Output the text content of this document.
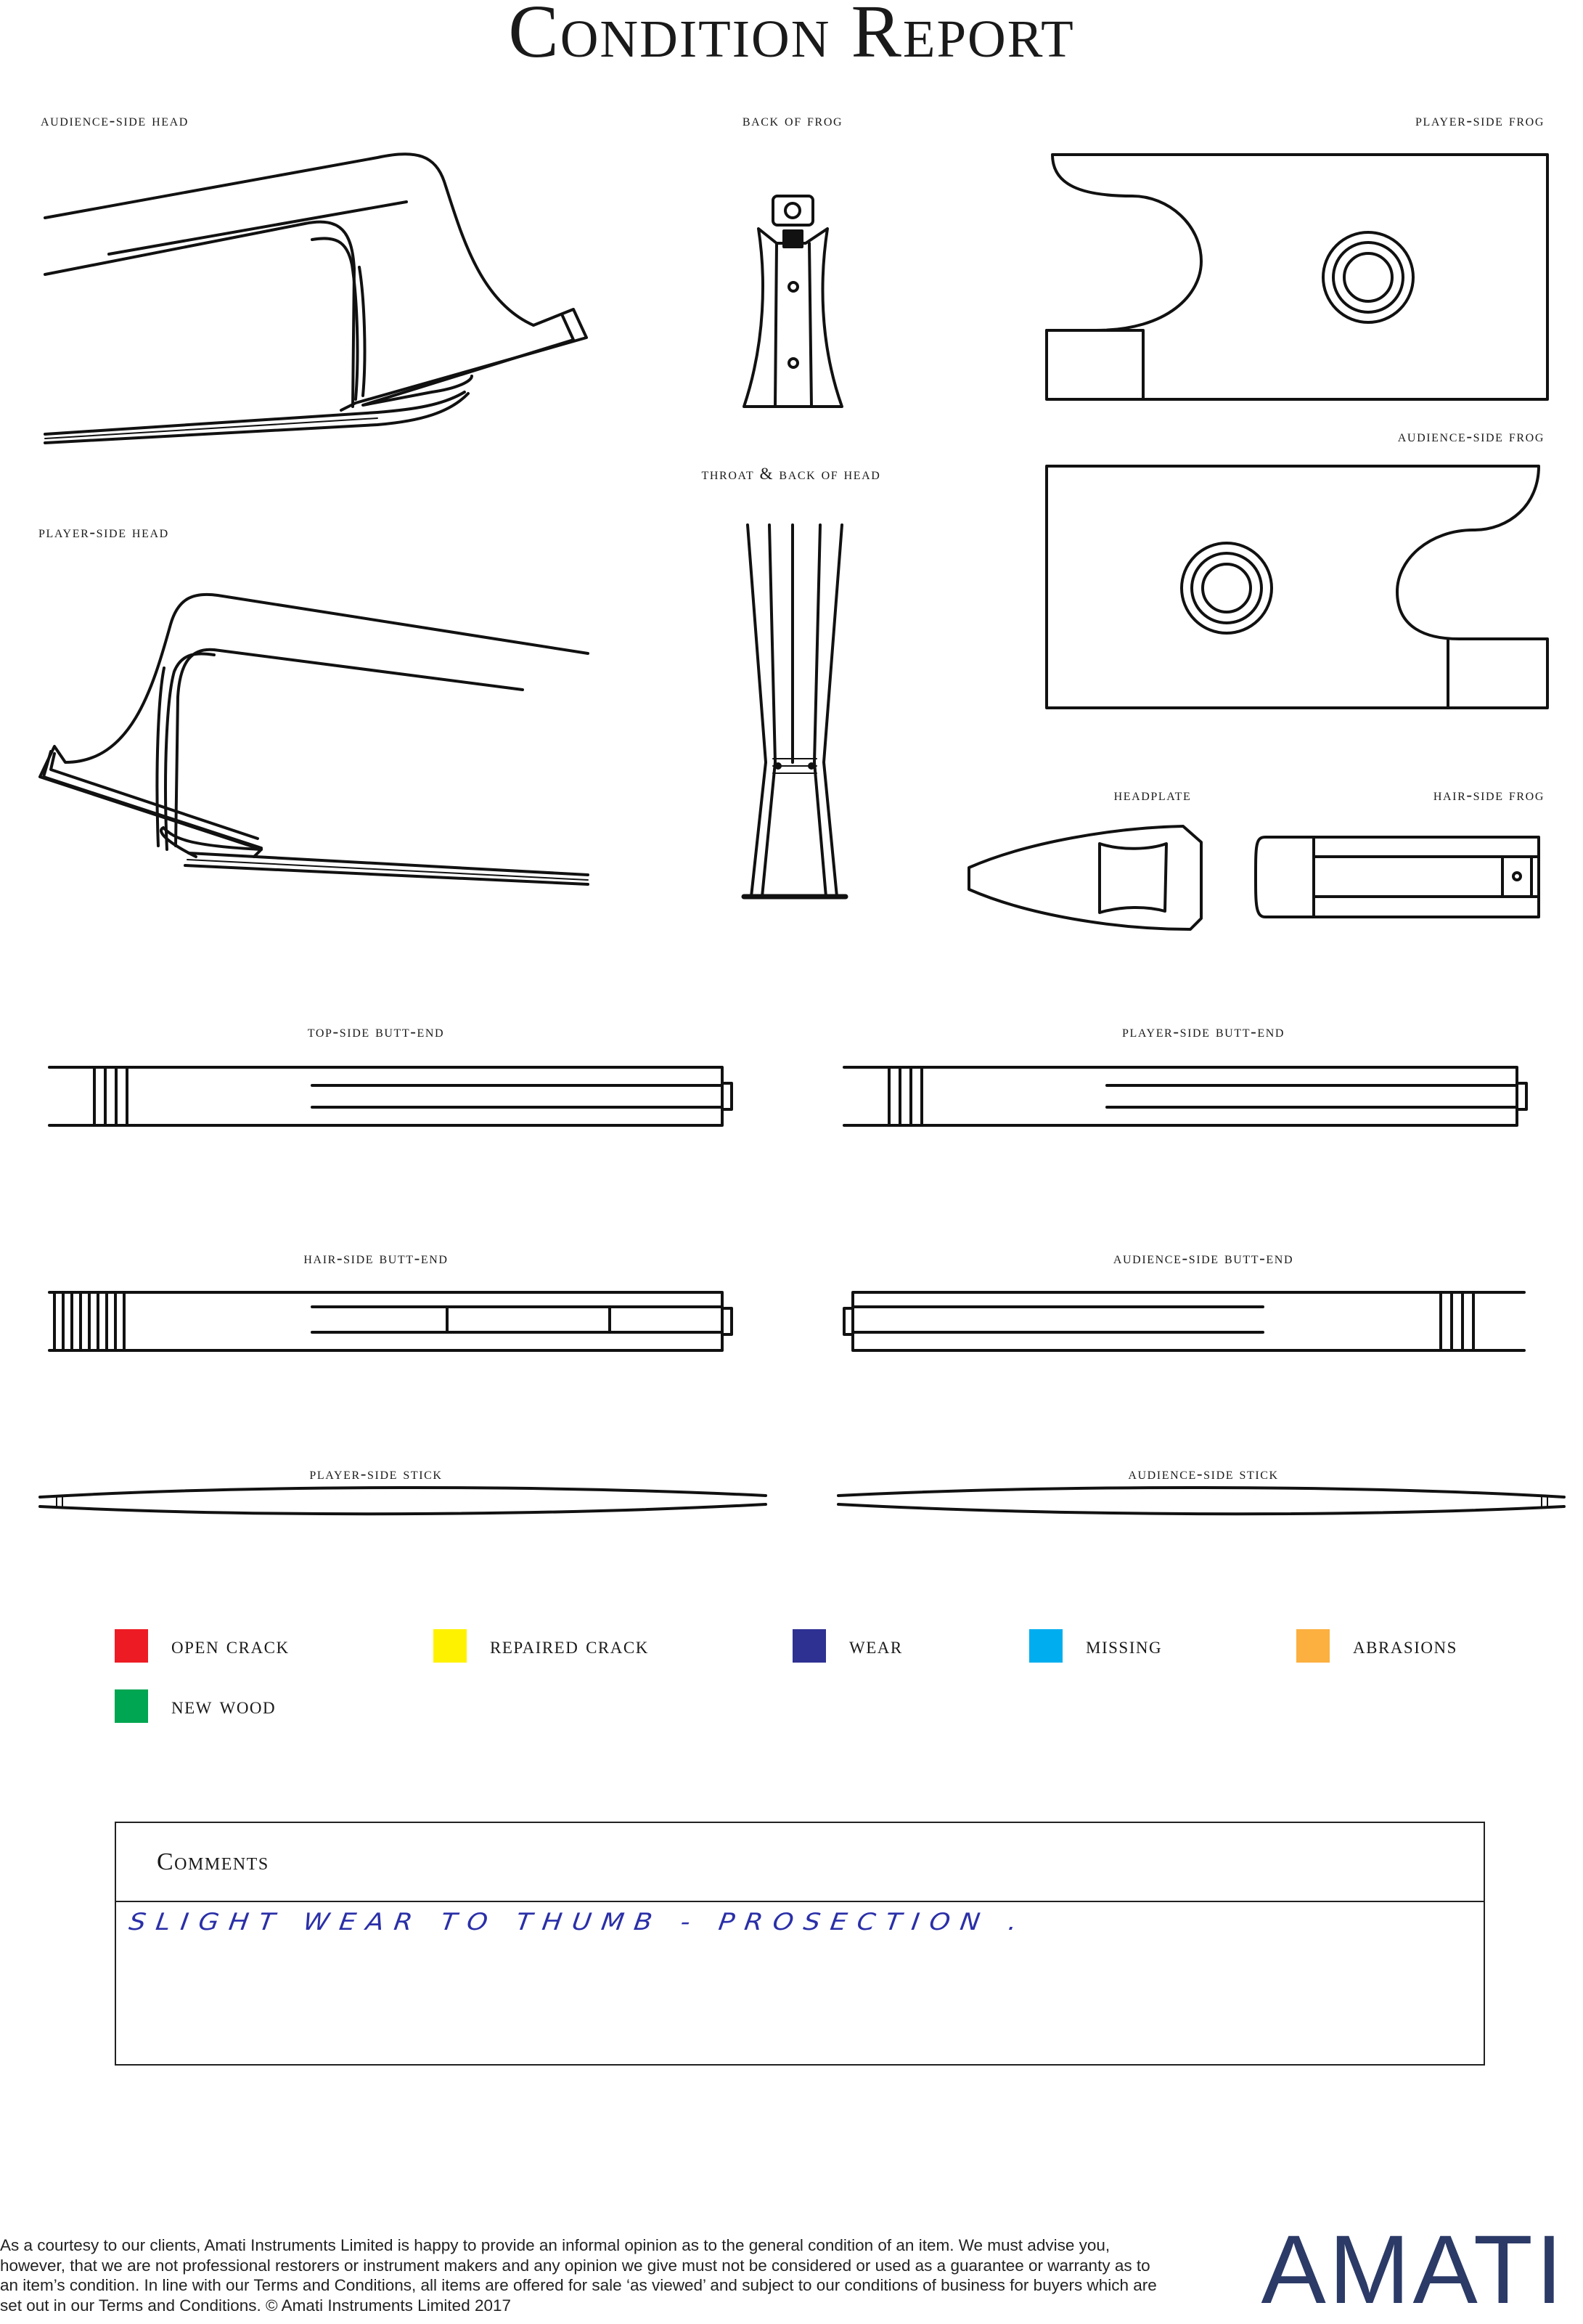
Condition Report
audience-side head	back of frog	player-side frog
throat & back of head
audience-side frog
player-side head
headplate	hair-side frog
top-side butt-end	player-side butt-end
hair-side butt-end	audience-side butt-end
player-side stick	audience-side stick
open crack	repaired crack	wear	missing	abrasions
new wood
Comments
SLIGHT WEAR TO THUMB - PROSECTION .
As a courtesy to our clients, Amati Instruments Limited is happy to provide an informal opinion as to the general condition of an item. We must advise you, however, that we are not professional restorers or instrument makers and any opinion we give must not be considered or used as a guarantee or warranty as to an item’s condition. In line with our Terms and Conditions, all items are offered for sale ‘as viewed’ and subject to our conditions of business for buyers which are set out in our Terms and Conditions. © Amati Instruments Limited 2017	AMATI
